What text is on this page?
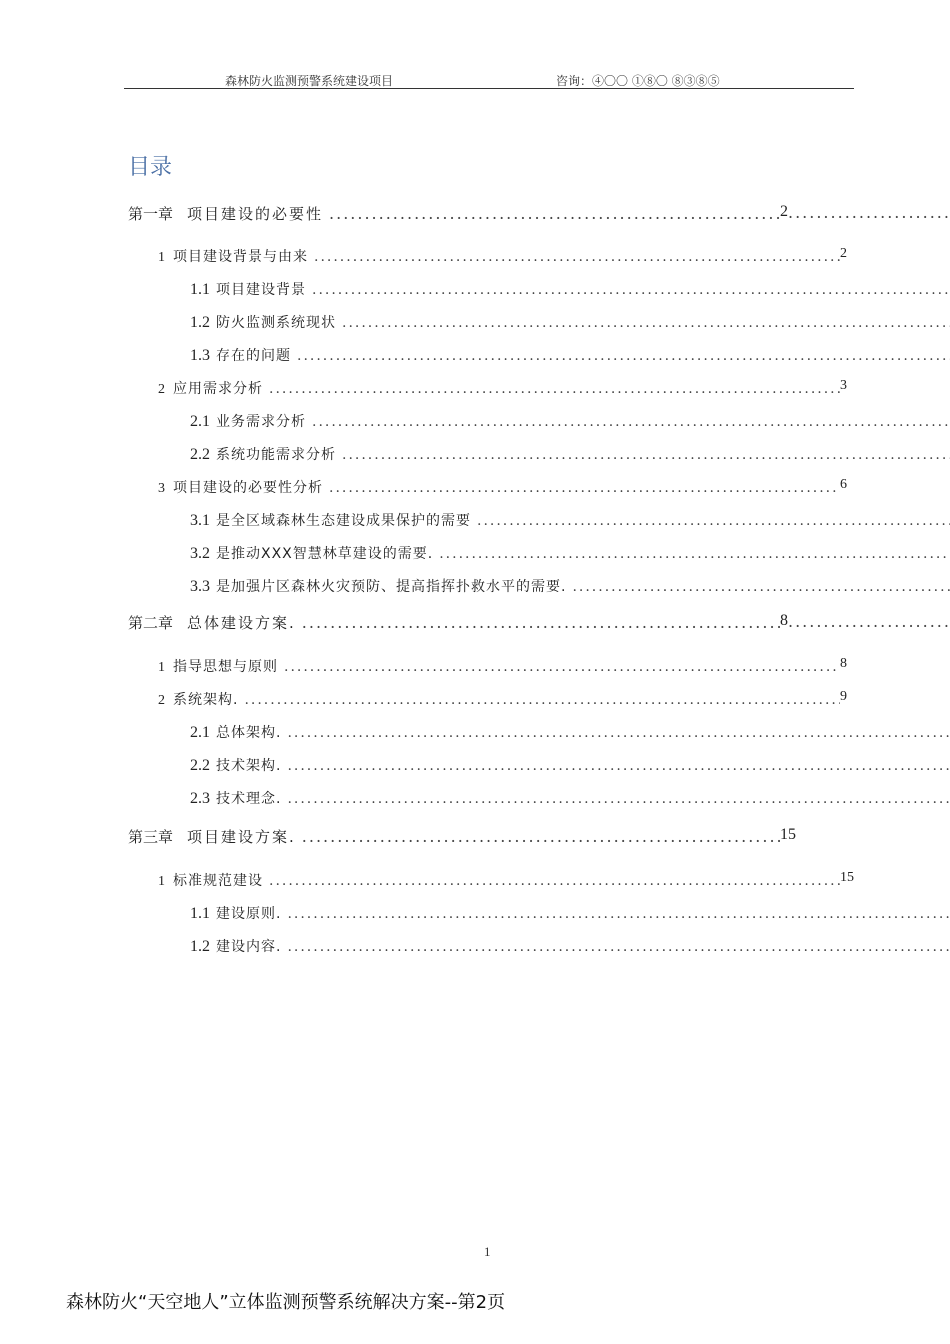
森林防火监测预警系统建设项目	咨询：④〇〇 ①⑧〇 ⑧③⑧⑤
目录
第一章 项目建设的必要性 .....	2
.....
1 项目建设背景与由来 .....	2
1.1 项目建设背景
.....
1.2 防火监测系统现状
.....
1.3 存在的问题
.....
2 应用需求分析 .....	3
2.1 业务需求分析
.....
2.2 系统功能需求分析
.....
3 项目建设的必要性分析 .....	6
3.1 是全区域森林生态建设成果保护的需要
.....
3.2 是推动XXX智慧林草建设的需要.
.....
3.3 是加强片区森林火灾预防、提高指挥扑救水平的需要.
.....
第二章 总体建设方案. .....	8
.....
1 指导思想与原则 .....	8
2 系统架构. .....	9
2.1 总体架构.
.....
2.2 技术架构.
.....
2.3 技术理念.
.....
第三章 项目建设方案. .....	15
.....
1 标准规范建设 .....	15
1.1 建设原则.
.....
1.2 建设内容.
.....
1
森林防火“天空地人”立体监测预警系统解决方案--第2页
